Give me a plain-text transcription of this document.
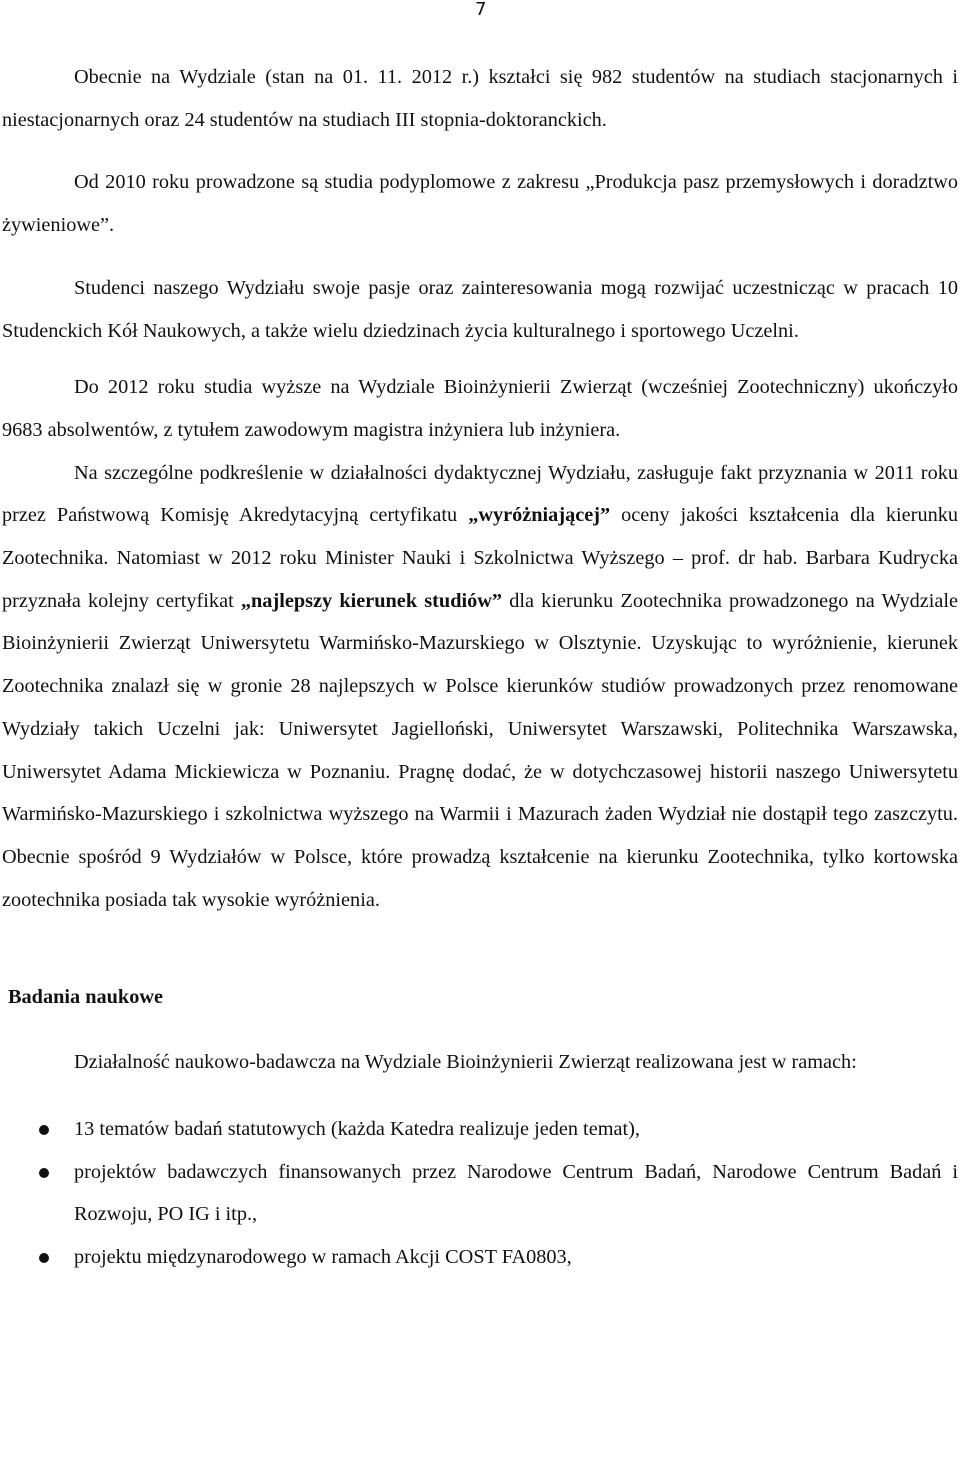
7

Obecnie na Wydziale (stan na 01. 11. 2012 r.) kształci się 982 studentów na studiach stacjonarnych i niestacjonarnych oraz 24 studentów na studiach III stopnia-doktoranckich.

Od 2010 roku prowadzone są studia podyplomowe z zakresu „Produkcja pasz przemysłowych i doradztwo żywieniowe”.

Studenci naszego Wydziału swoje pasje oraz zainteresowania mogą rozwijać uczestnicząc w pracach 10 Studenckich Kół Naukowych, a także wielu dziedzinach życia kulturalnego i sportowego Uczelni.

Do 2012 roku studia wyższe na Wydziale Bioinżynierii Zwierząt (wcześniej Zootechniczny) ukończyło 9683 absolwentów, z tytułem zawodowym magistra inżyniera lub inżyniera.

Na szczególne podkreślenie w działalności dydaktycznej Wydziału, zasługuje fakt przyznania w 2011 roku przez Państwową Komisję Akredytacyjną certyfikatu „wyróżniającej” oceny jakości kształcenia dla kierunku Zootechnika. Natomiast w 2012 roku Minister Nauki i Szkolnictwa Wyższego – prof. dr hab. Barbara Kudrycka przyznała kolejny certyfikat „najlepszy kierunek studiów” dla kierunku Zootechnika prowadzonego na Wydziale Bioinżynierii Zwierząt Uniwersytetu Warmińsko-Mazurskiego w Olsztynie. Uzyskując to wyróżnienie, kierunek Zootechnika znalazł się w gronie 28 najlepszych w Polsce kierunków studiów prowadzonych przez renomowane Wydziały takich Uczelni jak: Uniwersytet Jagielloński, Uniwersytet Warszawski, Politechnika Warszawska, Uniwersytet Adama Mickiewicza w Poznaniu. Pragnę dodać, że w dotychczasowej historii naszego Uniwersytetu Warmińsko-Mazurskiego i szkolnictwa wyższego na Warmii i Mazurach żaden Wydział nie dostąpił tego zaszczytu. Obecnie spośród 9 Wydziałów w Polsce, które prowadzą kształcenie na kierunku Zootechnika, tylko kortowska zootechnika posiada tak wysokie wyróżnienia.

Badania naukowe

Działalność naukowo-badawcza na Wydziale Bioinżynierii Zwierząt realizowana jest w ramach:

13 tematów badań statutowych (każda Katedra realizuje jeden temat),
projektów badawczych finansowanych przez Narodowe Centrum Badań, Narodowe Centrum Badań i Rozwoju, PO IG i itp.,
projektu międzynarodowego w ramach Akcji COST FA0803,
